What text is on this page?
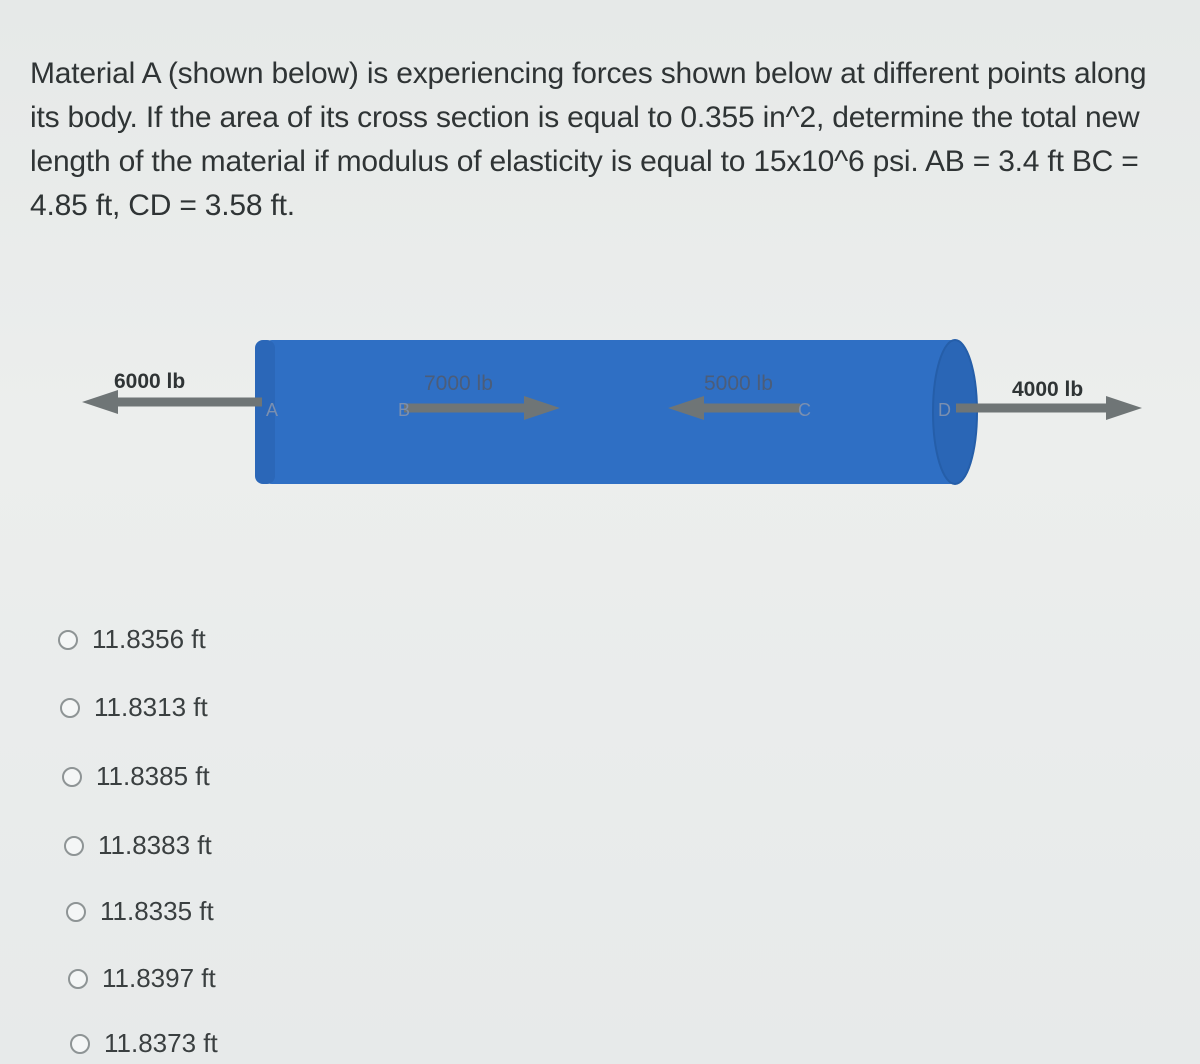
Material A (shown below) is experiencing forces shown below at different points along its body. If the area of its cross section is equal to 0.355 in^2, determine the total new length of the material if modulus of elasticity is equal to 15x10^6 psi. AB = 3.4 ft BC = 4.85 ft, CD = 3.58 ft.
6000 lb
A
7000 lb
B
5000 lb
C
4000 lb
D
11.8356 ft
11.8313 ft
11.8385 ft
11.8383 ft
11.8335 ft
11.8397 ft
11.8373 ft
